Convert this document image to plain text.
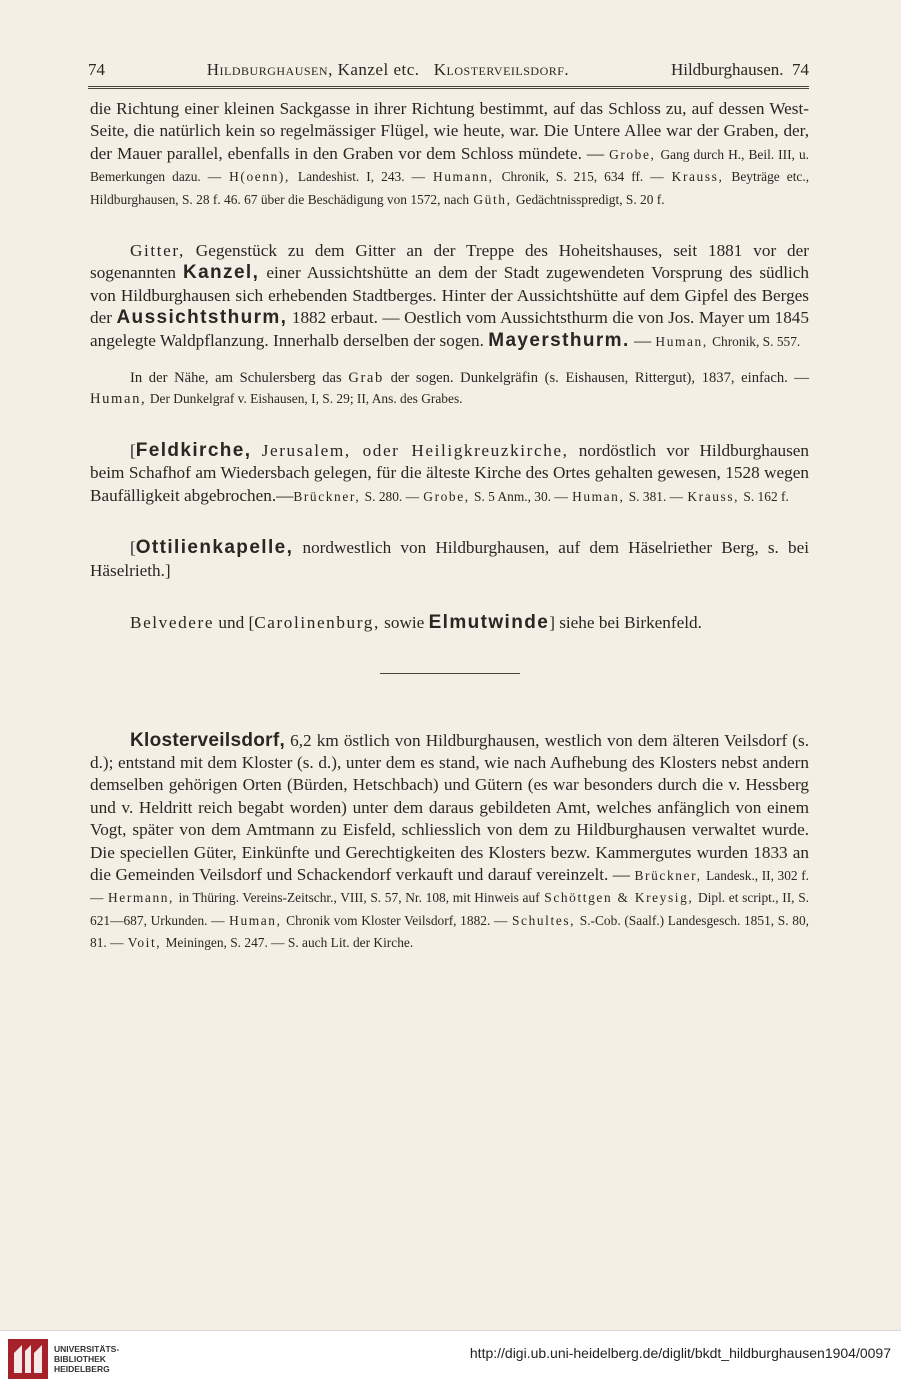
74	Hildburghausen, Kanzel etc. Klosterveilsdorf.	Hildburghausen. 74

die Richtung einer kleinen Sackgasse in ihrer Richtung bestimmt, auf das Schloss zu, auf dessen West-Seite, die natürlich kein so regelmässiger Flügel, wie heute, war. Die Untere Allee war der Graben, der, der Mauer parallel, ebenfalls in den Graben vor dem Schloss mündete. — Grobe, Gang durch H., Beil. III, u. Bemerkungen dazu. — H(oenn), Landeshist. I, 243. — Humann, Chronik, S. 215, 634 ff. — Krauss, Beyträge etc., Hildburghausen, S. 28 f. 46. 67 über die Beschädigung von 1572, nach Güth, Gedächtnisspredigt, S. 20 f.

Gitter, Gegenstück zu dem Gitter an der Treppe des Hoheitshauses, seit 1881 vor der sogenannten Kanzel, einer Aussichtshütte an dem der Stadt zugewendeten Vorsprung des südlich von Hildburghausen sich erhebenden Stadtberges. Hinter der Aussichtshütte auf dem Gipfel des Berges der Aussichtsthurm, 1882 erbaut. — Oestlich vom Aussichtsthurm die von Jos. Mayer um 1845 angelegte Waldpflanzung. Innerhalb derselben der sogen. Mayersthurm. — Human, Chronik, S. 557.

In der Nähe, am Schulersberg das Grab der sogen. Dunkelgräfin (s. Eishausen, Rittergut), 1837, einfach. — Human, Der Dunkelgraf v. Eishausen, I, S. 29; II, Ans. des Grabes.

[Feldkirche, Jerusalem, oder Heiligkreuzkirche, nordöstlich vor Hildburghausen beim Schafhof am Wiedersbach gelegen, für die älteste Kirche des Ortes gehalten gewesen, 1528 wegen Baufälligkeit abgebrochen.—Brückner, S. 280. — Grobe, S. 5 Anm., 30. — Human, S. 381. — Krauss, S. 162 f.

[Ottilienkapelle, nordwestlich von Hildburghausen, auf dem Häselriether Berg, s. bei Häselrieth.]

Belvedere und [Carolinenburg, sowie Elmutwinde] siehe bei Birkenfeld.

Klosterveilsdorf, 6,2 km östlich von Hildburghausen, westlich von dem älteren Veilsdorf (s. d.); entstand mit dem Kloster (s. d.), unter dem es stand, wie nach Aufhebung des Klosters nebst andern demselben gehörigen Orten (Bürden, Hetschbach) und Gütern (es war besonders durch die v. Hessberg und v. Heldritt reich begabt worden) unter dem daraus gebildeten Amt, welches anfänglich von einem Vogt, später von dem Amtmann zu Eisfeld, schliesslich von dem zu Hildburghausen verwaltet wurde. Die speciellen Güter, Einkünfte und Gerechtigkeiten des Klosters bezw. Kammergutes wurden 1833 an die Gemeinden Veilsdorf und Schackendorf verkauft und darauf vereinzelt. — Brückner, Landesk., II, 302 f. — Hermann, in Thüring. Vereins-Zeitschr., VIII, S. 57, Nr. 108, mit Hinweis auf Schöttgen & Kreysig, Dipl. et script., II, S. 621—687, Urkunden. — Human, Chronik vom Kloster Veilsdorf, 1882. — Schultes, S.-Cob. (Saalf.) Landesgesch. 1851, S. 80, 81. — Voit, Meiningen, S. 247. — S. auch Lit. der Kirche.

UNIVERSITÄTS-
BIBLIOTHEK
HEIDELBERG
http://digi.ub.uni-heidelberg.de/diglit/bkdt_hildburghausen1904/0097
